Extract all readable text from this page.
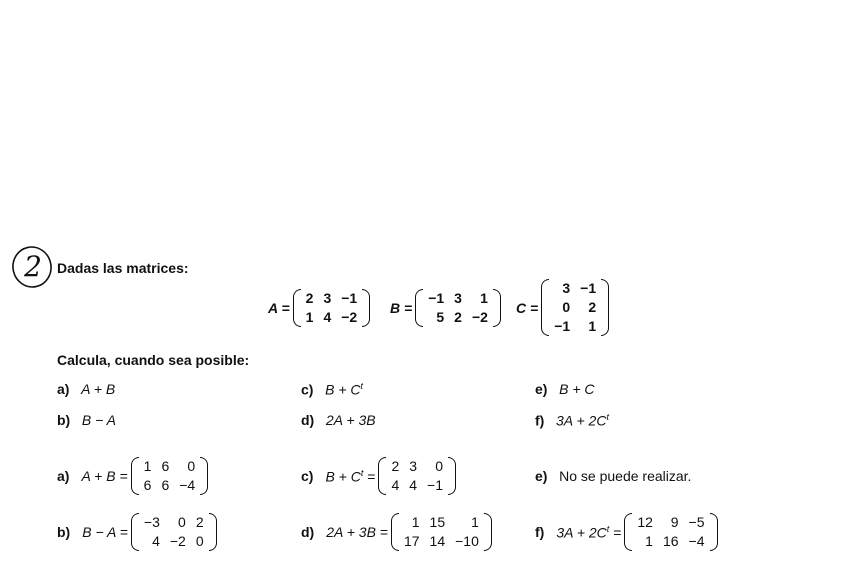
2 Dadas las matrices:
A =
2	3	−1
1	4	−2
B =
−1	3	1
5	2	−2
C =
3	−1
0	2
−1	1
Calcula, cuando sea posible:
a) A + B
b) B − A
c) $B + C^t$
d) 2A + 3B
e) B + C
f) $3A + 2C^t$
a) A + B =
1	6	0
6	6	−4
b) B − A =
−3	0	2
4	−2	0
c) $B + C^t$ =
2	3	0
4	4	−1
d) 2A + 3B =
1	15	1
17	14	−10
e) No se puede realizar.
f) $3A + 2C^t$ =
12	9	−5
1	16	−4
